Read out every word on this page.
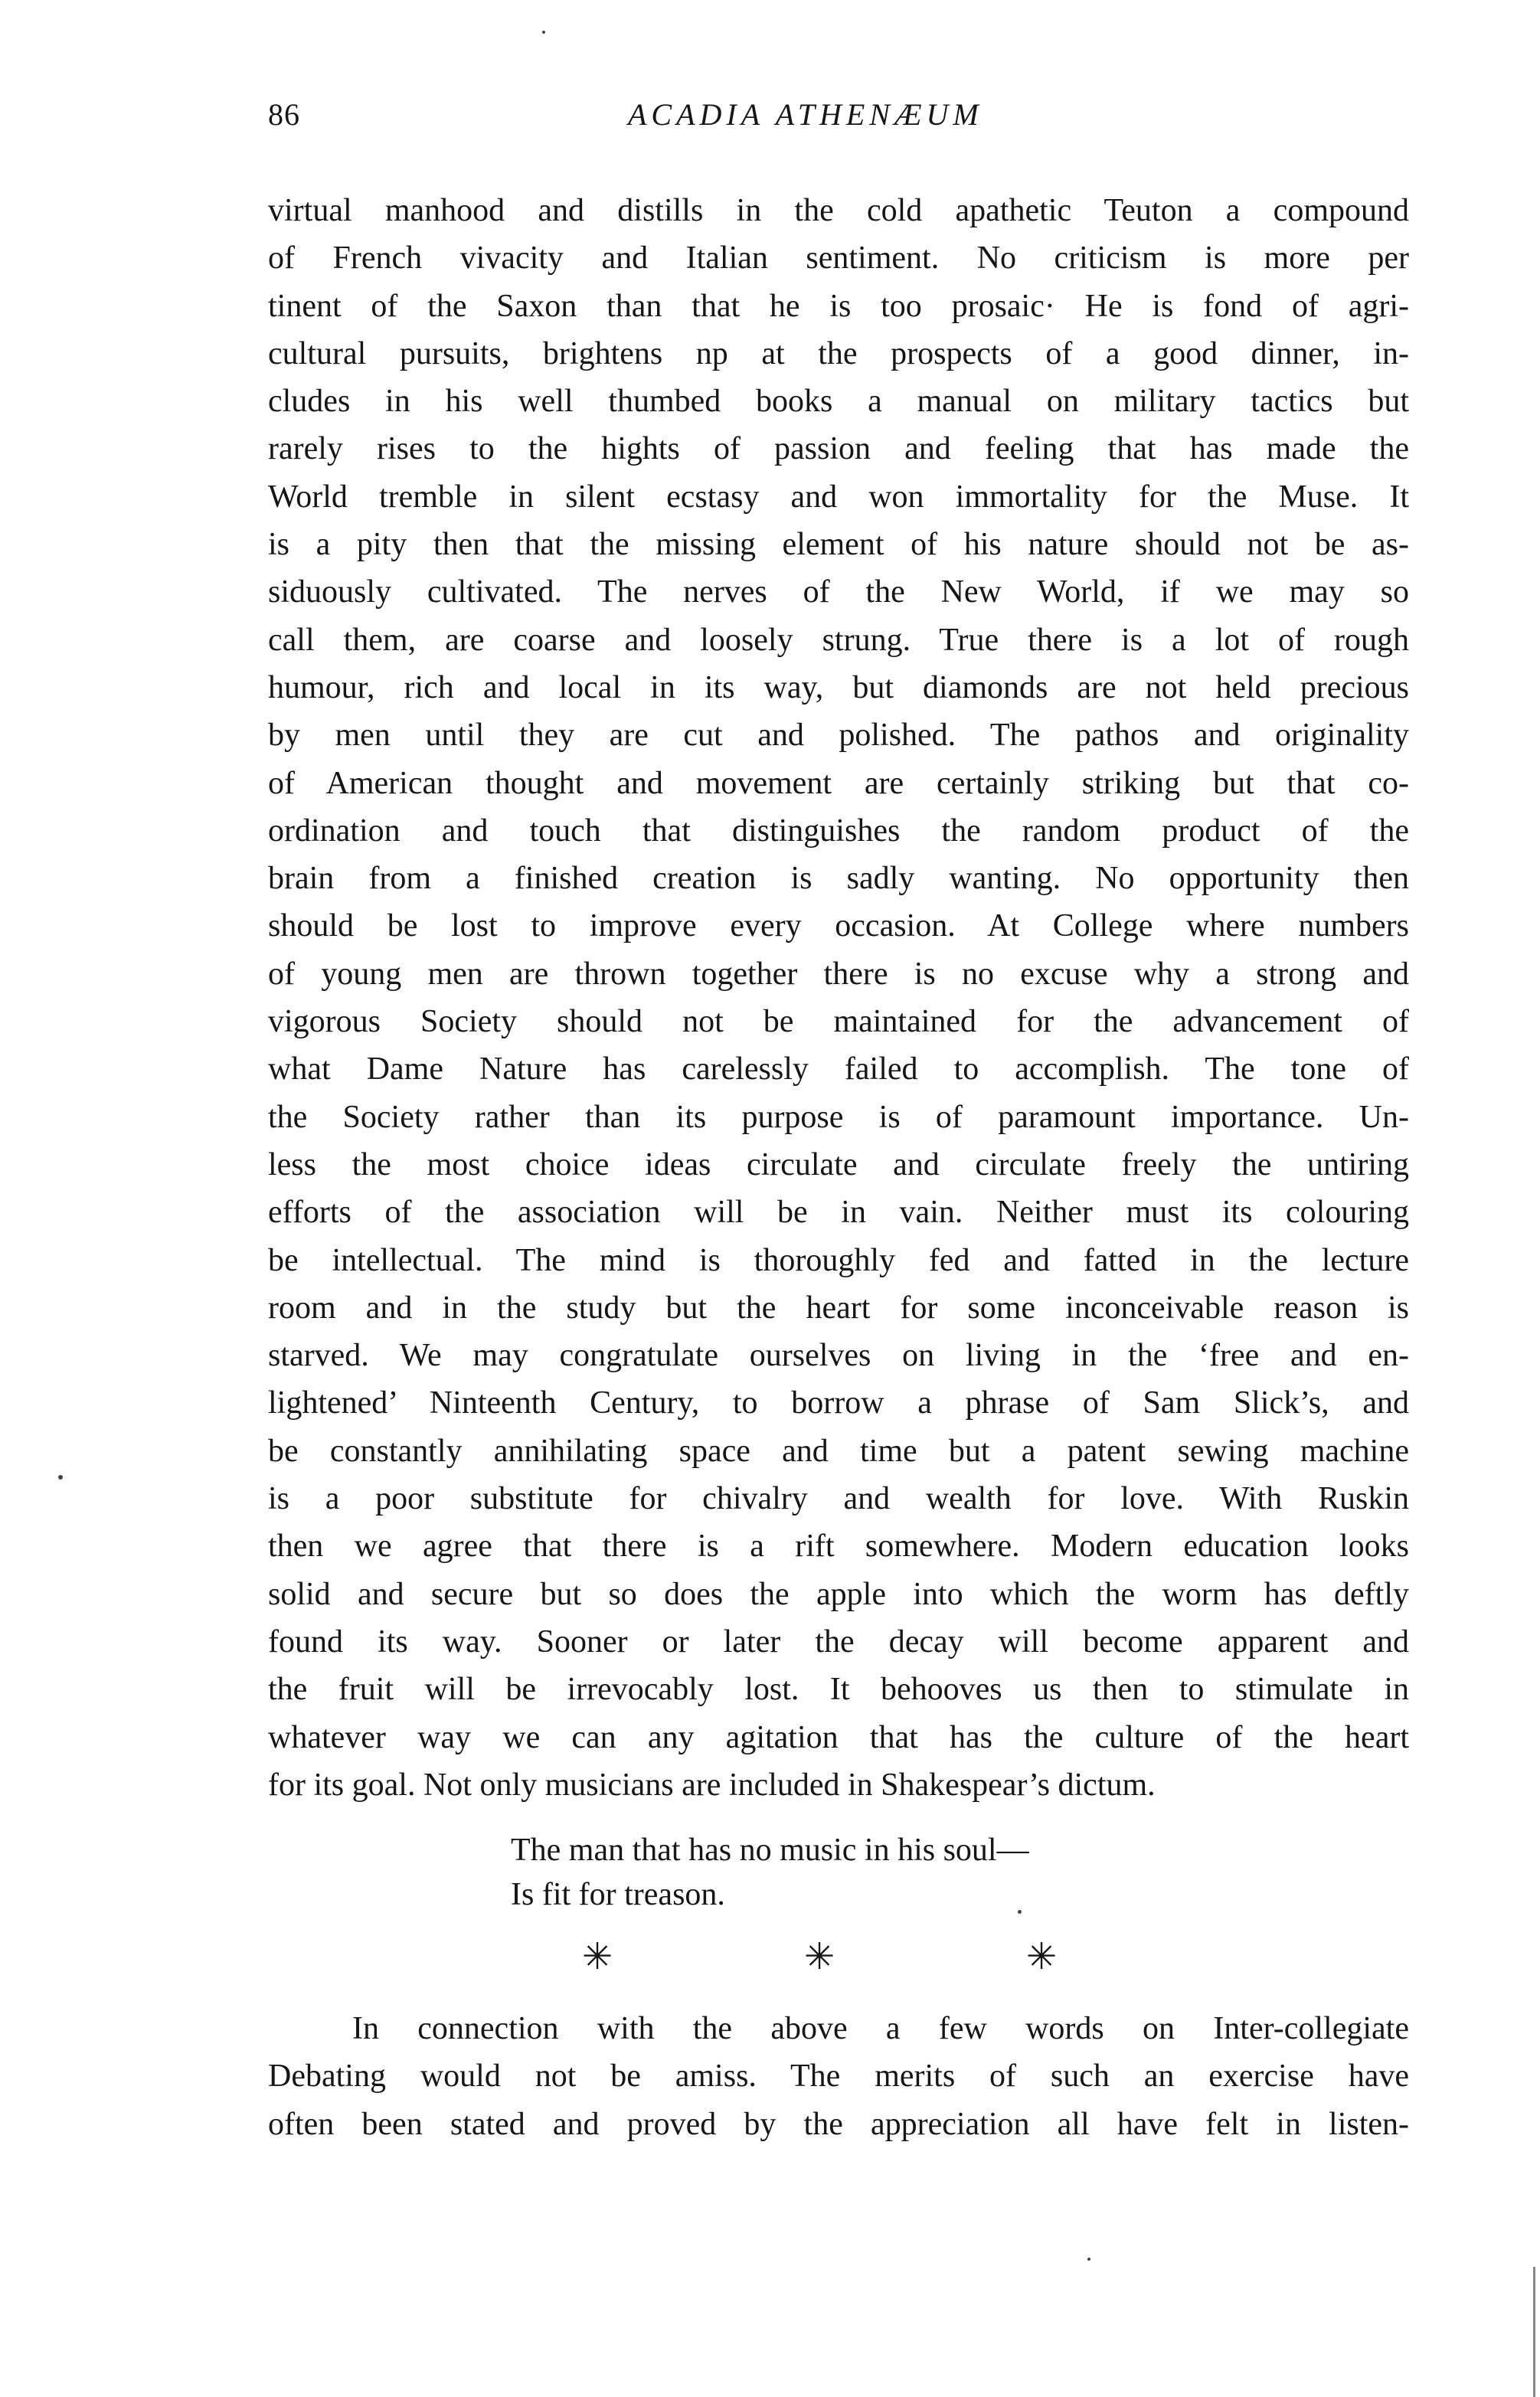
86	ACADIA ATHENÆUM
virtual manhood and distills in the cold apathetic Teuton a compound
of French vivacity and Italian sentiment. No criticism is more per
tinent of the Saxon than that he is too prosaic· He is fond of agri-
cultural pursuits, brightens np at the prospects of a good dinner, in-
cludes in his well thumbed books a manual on military tactics but
rarely rises to the hights of passion and feeling that has made the
World tremble in silent ecstasy and won immortality for the Muse. It
is a pity then that the missing element of his nature should not be as-
siduously cultivated. The nerves of the New World, if we may so
call them, are coarse and loosely strung. True there is a lot of rough
humour, rich and local in its way, but diamonds are not held precious
by men until they are cut and polished. The pathos and originality
of American thought and movement are certainly striking but that co-
ordination and touch that distinguishes the random product of the
brain from a finished creation is sadly wanting. No opportunity then
should be lost to improve every occasion. At College where numbers
of young men are thrown together there is no excuse why a strong and
vigorous Society should not be maintained for the advancement of
what Dame Nature has carelessly failed to accomplish. The tone of
the Society rather than its purpose is of paramount importance. Un-
less the most choice ideas circulate and circulate freely the untiring
efforts of the association will be in vain. Neither must its colouring
be intellectual. The mind is thoroughly fed and fatted in the lecture
room and in the study but the heart for some inconceivable reason is
starved. We may congratulate ourselves on living in the ‘free and en-
lightened’ Ninteenth Century, to borrow a phrase of Sam Slick’s, and
be constantly annihilating space and time but a patent sewing machine
is a poor substitute for chivalry and wealth for love. With Ruskin
then we agree that there is a rift somewhere. Modern education looks
solid and secure but so does the apple into which the worm has deftly
found its way. Sooner or later the decay will become apparent and
the fruit will be irrevocably lost. It behooves us then to stimulate in
whatever way we can any agitation that has the culture of the heart
for its goal. Not only musicians are included in Shakespear’s dictum.
The man that has no music in his soul—
Is fit for treason.
✳	✳	✳
In connection with the above a few words on Inter-collegiate
Debating would not be amiss. The merits of such an exercise have
often been stated and proved by the appreciation all have felt in listen-
